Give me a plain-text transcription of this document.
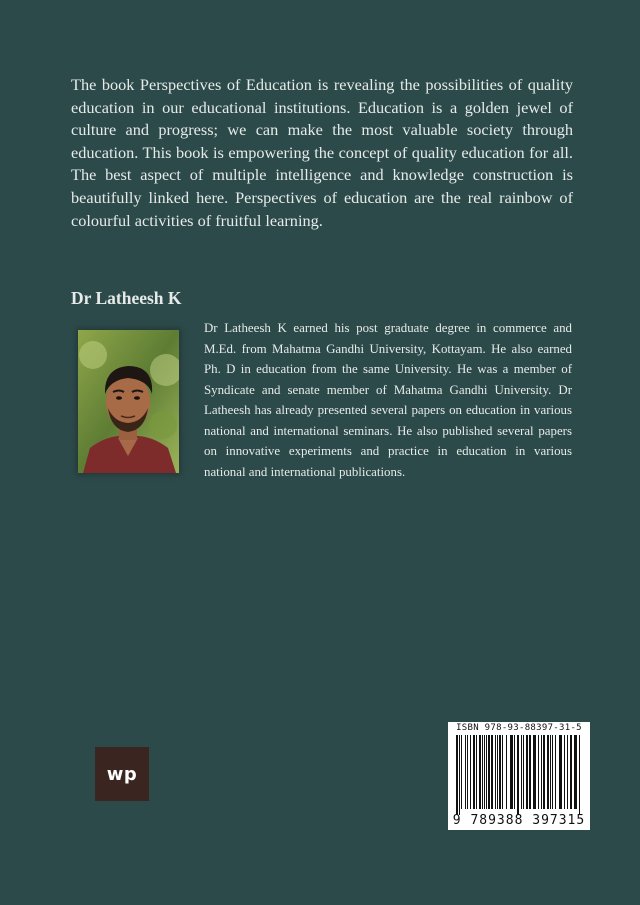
The book Perspectives of Education is revealing the possibilities of quality education in our educational institutions. Education is a golden jewel of culture and progress; we can make the most valuable society through education. This book is empowering the concept of quality education for all. The best aspect of multiple intelligence and knowledge construction is beautifully linked here. Perspectives of education are the real rainbow of colourful activities of fruitful learning.

Dr Latheesh K

Dr Latheesh K earned his post graduate degree in commerce and M.Ed. from Mahatma Gandhi University, Kottayam. He also earned Ph. D in education from the same University. He was a member of Syndicate and senate member of Mahatma Gandhi University. Dr Latheesh has already presented several papers on education in various national and international seminars. He also published several papers on innovative experiments and practice in education in various national and international publications.

wp
ISBN 978-93-88397-31-5
9 789388 397315
